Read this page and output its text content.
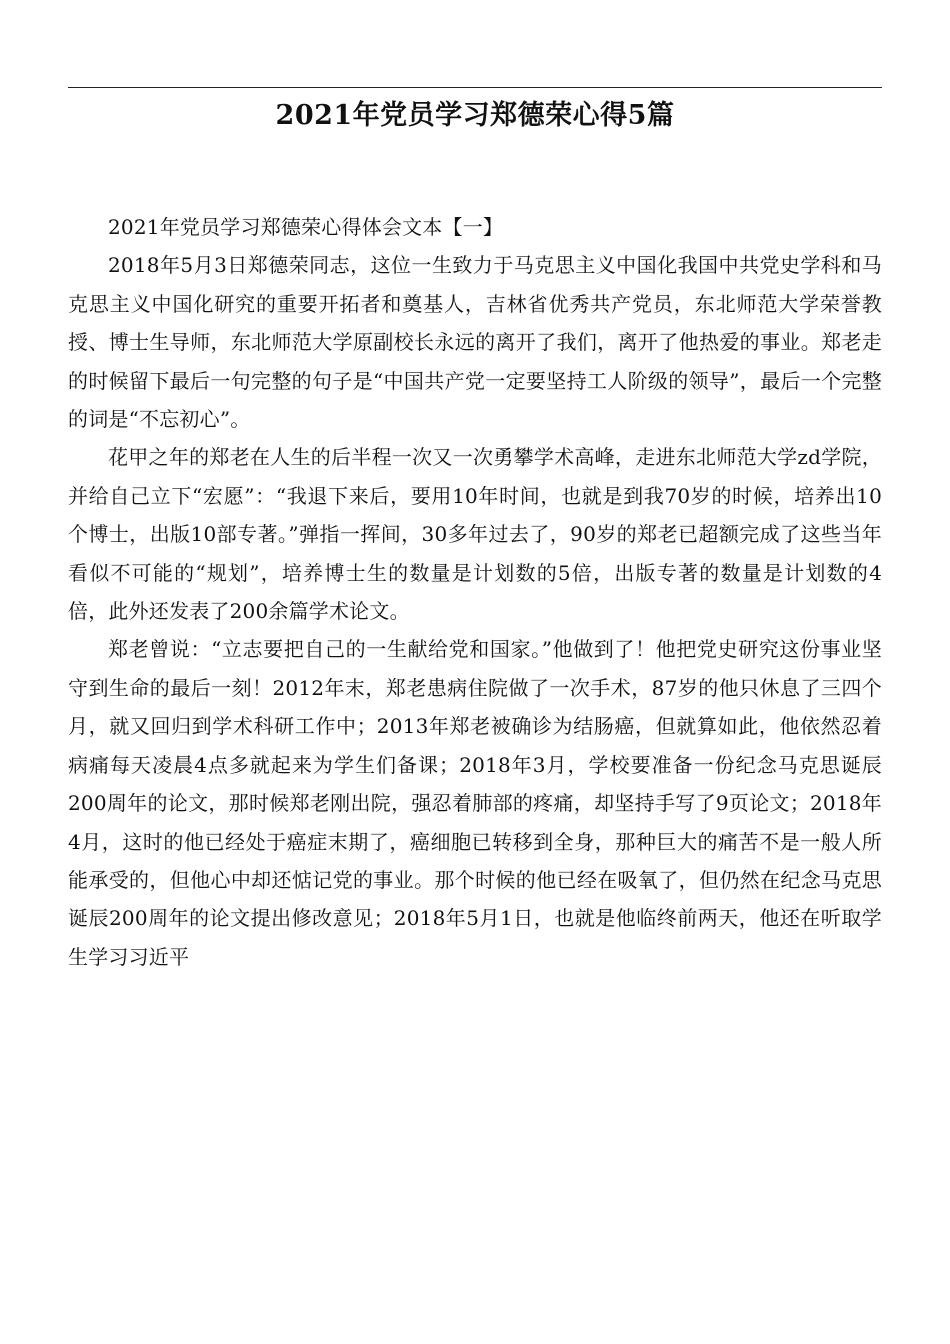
2021年党员学习郑德荣心得5篇

2021年党员学习郑德荣心得体会文本【一】

2018年5月3日郑德荣同志，这位一生致力于马克思主义中国化我国中共党史学科和马克思主义中国化研究的重要开拓者和奠基人，吉林省优秀共产党员，东北师范大学荣誉教授、博士生导师，东北师范大学原副校长永远的离开了我们，离开了他热爱的事业。郑老走的时候留下最后一句完整的句子是“中国共产党一定要坚持工人阶级的领导”，最后一个完整的词是“不忘初心”。

花甲之年的郑老在人生的后半程一次又一次勇攀学术高峰，走进东北师范大学zd学院，并给自己立下“宏愿”：“我退下来后，要用10年时间，也就是到我70岁的时候，培养出10个博士，出版10部专著。”弹指一挥间，30多年过去了，90岁的郑老已超额完成了这些当年看似不可能的“规划”，培养博士生的数量是计划数的5倍，出版专著的数量是计划数的4倍，此外还发表了200余篇学术论文。

郑老曾说：“立志要把自己的一生献给党和国家。”他做到了！他把党史研究这份事业坚守到生命的最后一刻！2012年末，郑老患病住院做了一次手术，87岁的他只休息了三四个月，就又回归到学术科研工作中；2013年郑老被确诊为结肠癌，但就算如此，他依然忍着病痛每天凌晨4点多就起来为学生们备课；2018年3月，学校要准备一份纪念马克思诞辰200周年的论文，那时候郑老刚出院，强忍着肺部的疼痛，却坚持手写了9页论文；2018年4月，这时的他已经处于癌症末期了，癌细胞已转移到全身，那种巨大的痛苦不是一般人所能承受的，但他心中却还惦记党的事业。那个时候的他已经在吸氧了，但仍然在纪念马克思诞辰200周年的论文提出修改意见；2018年5月1日，也就是他临终前两天，他还在听取学生学习习近平
